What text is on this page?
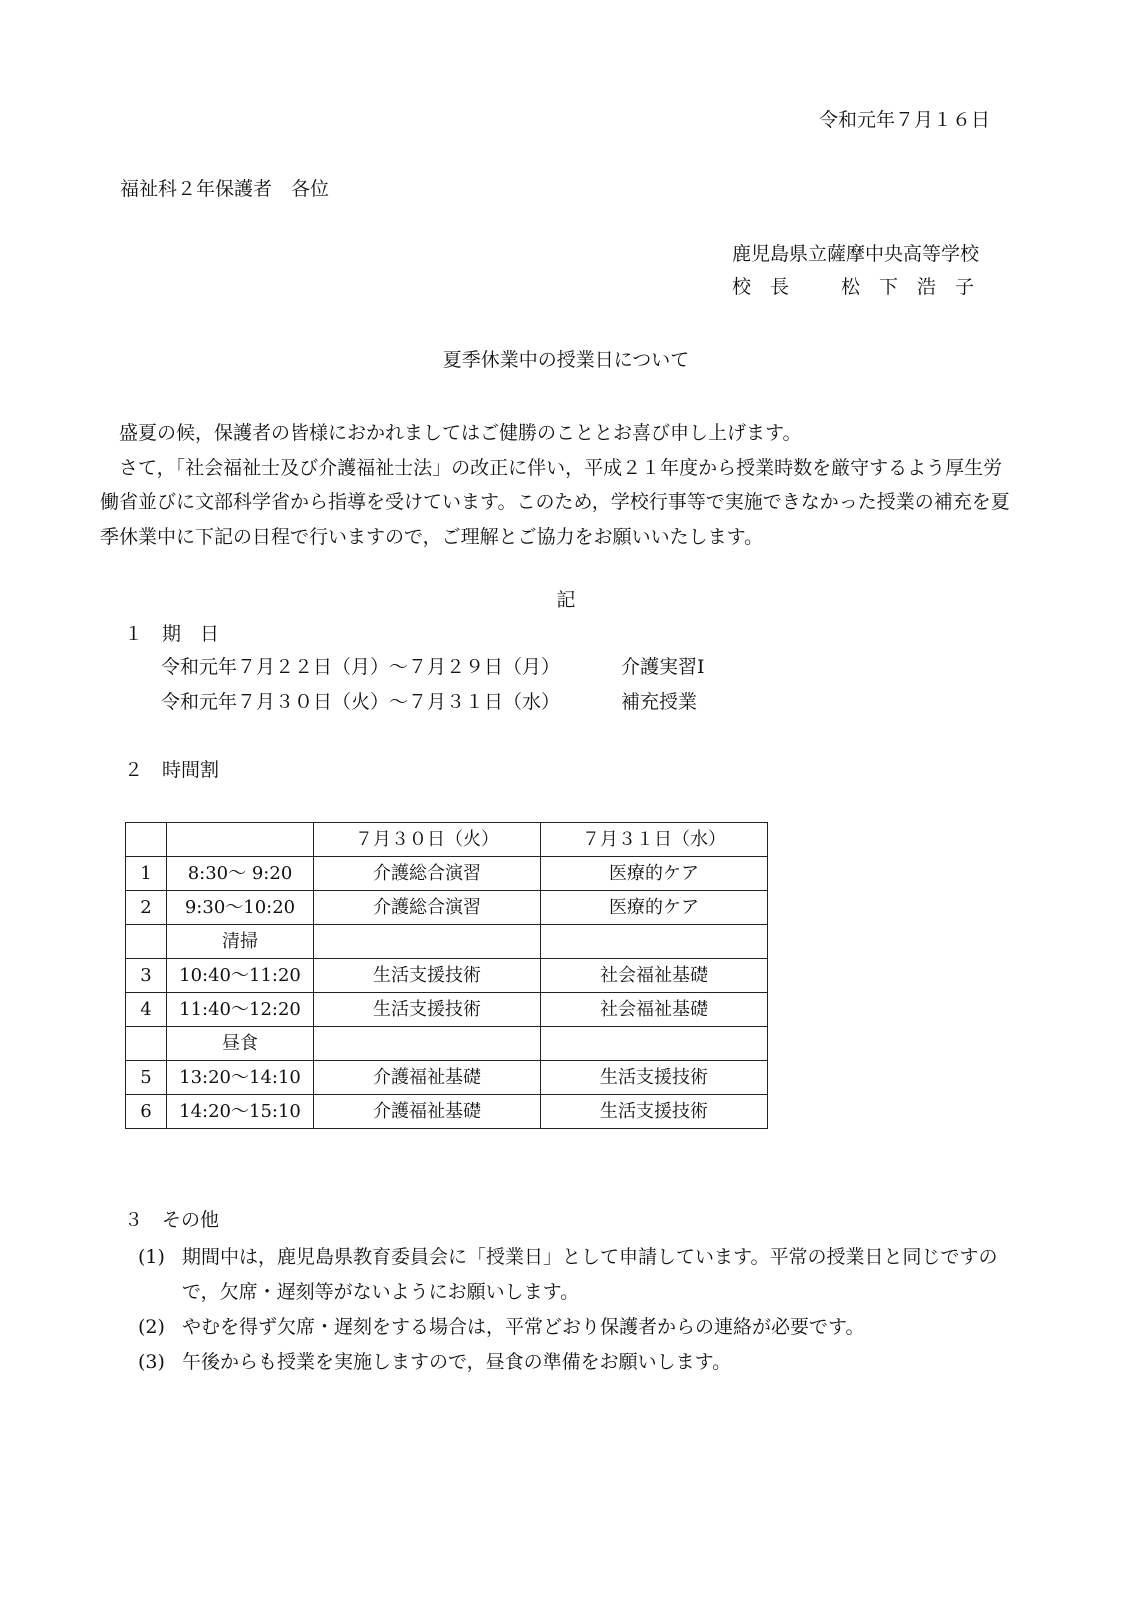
令和元年７月１６日
福祉科２年保護者　各位
鹿児島県立薩摩中央高等学校
校　長	松　下　浩　子
夏季休業中の授業日について

盛夏の候，保護者の皆様におかれましてはご健勝のこととお喜び申し上げます。

さて，「社会福祉士及び介護福祉士法」の改正に伴い，平成２１年度から授業時数を厳守するよう厚生労働省並びに文部科学省から指導を受けています。このため，学校行事等で実施できなかった授業の補充を夏季休業中に下記の日程で行いますので，ご理解とご協力をお願いいたします。

記
１　期　日
令和元年７月２２日（月）～７月２９日（月）	介護実習Ⅰ
令和元年７月３０日（火）～７月３１日（水）	補充授業
２　時間割
		７月３０日（火）	７月３１日（水）
1	8:30～ 9:20	介護総合演習	医療的ケア
2	9:30～10:20	介護総合演習	医療的ケア
	清掃		
3	10:40～11:20	生活支援技術	社会福祉基礎
4	11:40～12:20	生活支援技術	社会福祉基礎
	昼食		
5	13:20～14:10	介護福祉基礎	生活支援技術
6	14:20～15:10	介護福祉基礎	生活支援技術
３　その他
(1) 期間中は，鹿児島県教育委員会に「授業日」として申請しています。平常の授業日と同じですので，欠席・遅刻等がないようにお願いします。
(2) やむを得ず欠席・遅刻をする場合は，平常どおり保護者からの連絡が必要です。
(3) 午後からも授業を実施しますので，昼食の準備をお願いします。
